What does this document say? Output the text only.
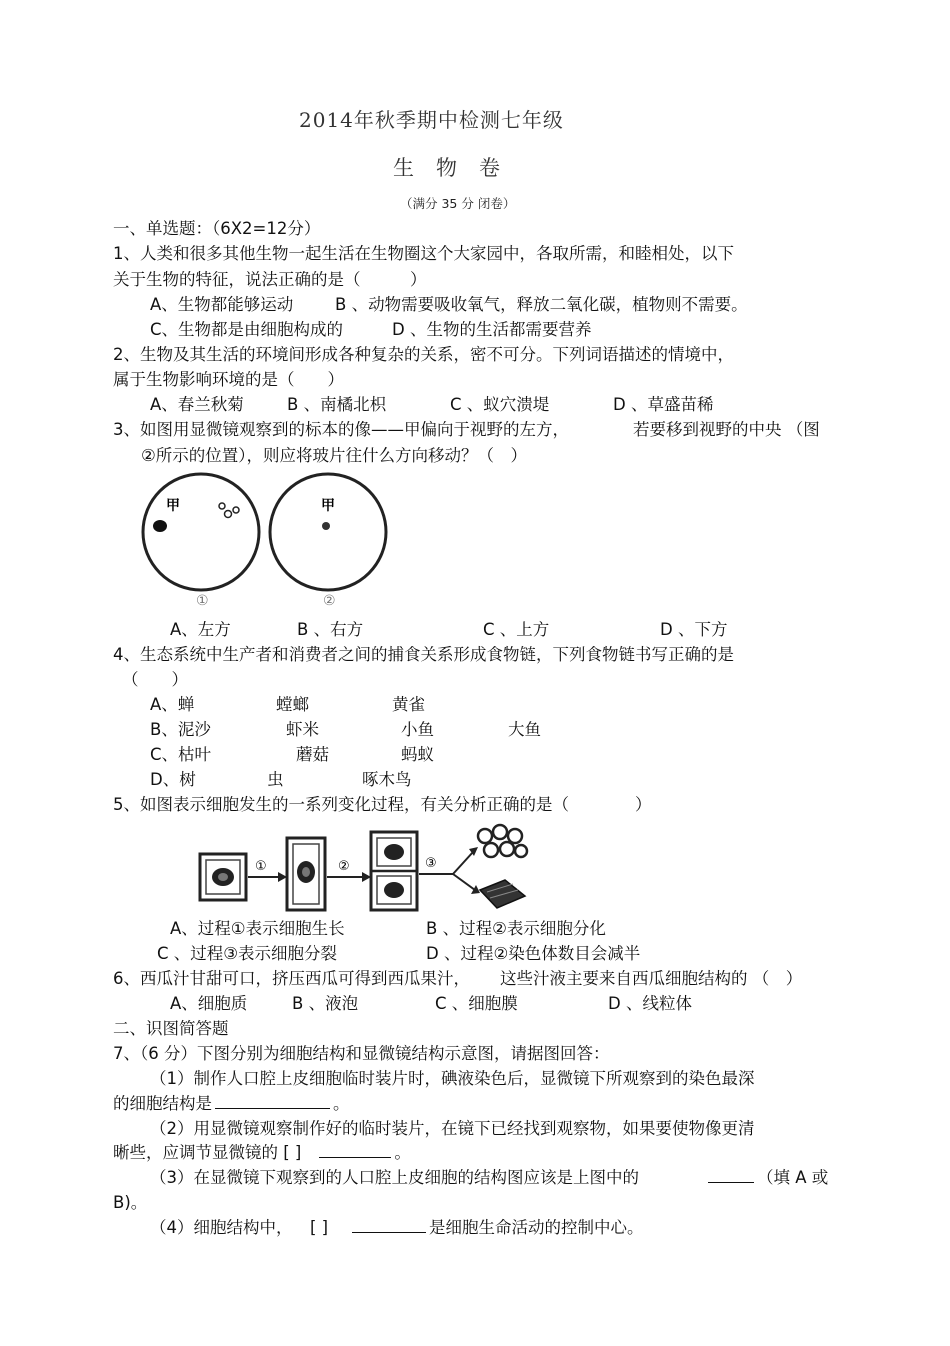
2014年秋季期中检测七年级
生物卷
（满分 35 分 闭卷）
一、单选题：（6X2=12分）
1、人类和很多其他生物一起生活在生物圈这个大家园中，各取所需，和睦相处，以下
关于生物的特征，说法正确的是（　　　）
A、生物都能够运动	B 、动物需要吸收氧气，释放二氧化碳，植物则不需要。
C、生物都是由细胞构成的	D 、生物的生活都需要营养
2、生物及其生活的环境间形成各种复杂的关系，密不可分。下列词语描述的情境中，
属于生物影响环境的是（　　）
A、春兰秋菊	B 、南橘北枳	C 、蚁穴溃堤	D 、草盛苗稀
3、如图用显微镜观察到的标本的像——甲偏向于视野的左方，	若要移到视野的中央 （图
②所示的位置），则应将玻片往什么方向移动？（　）
甲	甲
①	②
A、左方	B 、右方	C 、上方	D 、下方
4、生态系统中生产者和消费者之间的捕食关系形成食物链，下列食物链书写正确的是
（　　）
A、蝉	螳螂	黄雀
B、泥沙	虾米	小鱼	大鱼
C、枯叶	蘑菇	蚂蚁
D、树	虫	啄木鸟
5、如图表示细胞发生的一系列变化过程，有关分析正确的是（　　　　）
①	②	③
A、过程①表示细胞生长	B 、过程②表示细胞分化
C 、过程③表示细胞分裂	D 、过程②染色体数目会减半
6、西瓜汁甘甜可口，挤压西瓜可得到西瓜果汁， 这些汁液主要来自西瓜细胞结构的 （　）
A、细胞质	B 、液泡	C 、细胞膜	D 、线粒体
二、识图简答题
7、（6 分）下图分别为细胞结构和显微镜结构示意图，请据图回答：
（1）制作人口腔上皮细胞临时装片时，碘液染色后，显微镜下所观察到的染色最深
的细胞结构是	。
（2）用显微镜观察制作好的临时装片，在镜下已经找到观察物，如果要使物像更清
晰些，应调节显微镜的 [ ]	。
（3）在显微镜下观察到的人口腔上皮细胞的结构图应该是上图中的	（填 A 或
B)。
（4）细胞结构中， [ ]	是细胞生命活动的控制中心。
